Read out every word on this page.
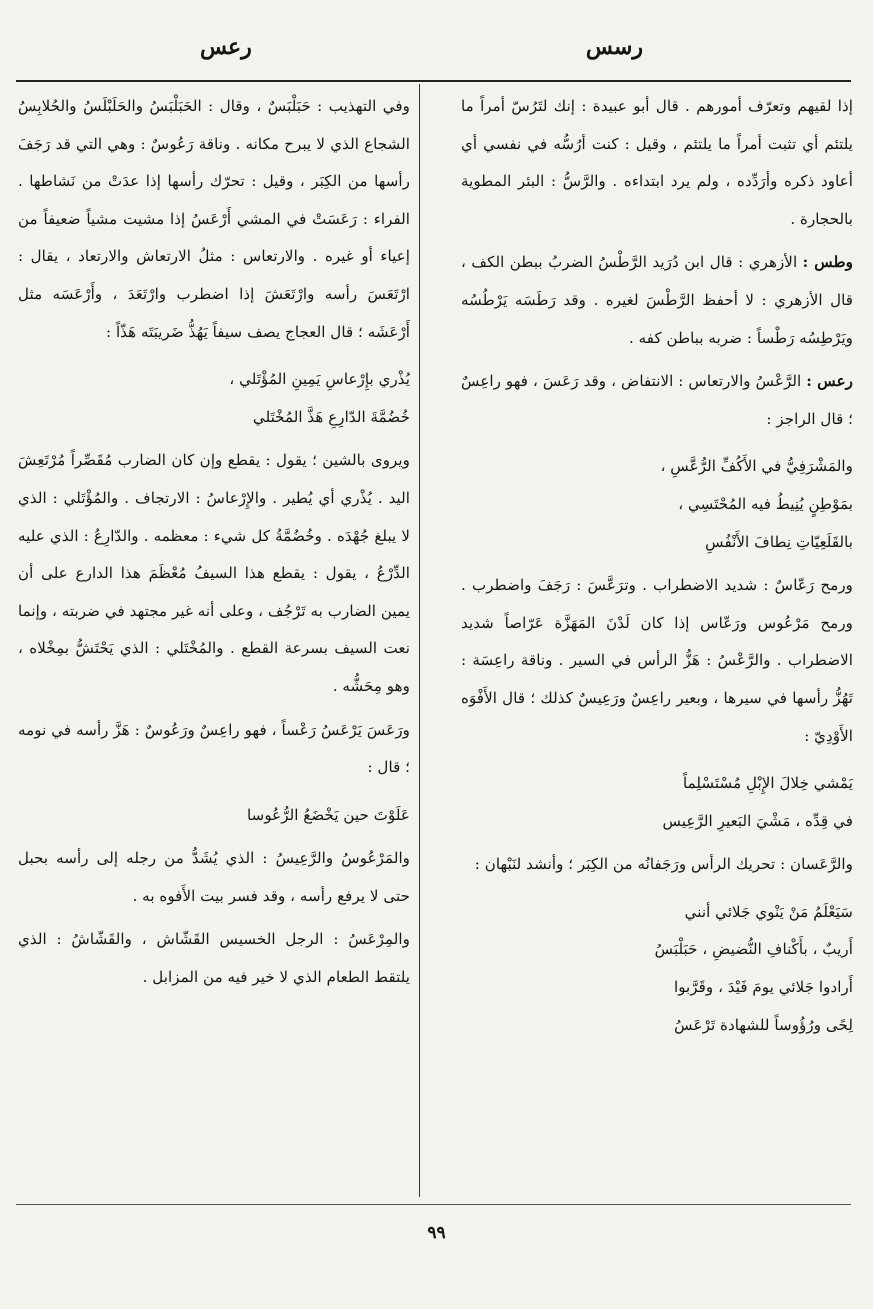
رسس
رعس

إذا لقيهم وتعرّف أمورهم . قال أبو عبيدة : إنك لتَرُسّ أمراً ما يلتئم أي تثبت أمراً ما يلتئم ، وقيل : كنت أرُسُّه في نفسي أي أعاود ذكره وأرَدِّده ، ولم يرد ابتداءه . والرَّسُّ : البئر المطوية بالحجارة .

وطس : الأزهري : قال ابن دُرَيد الرَّطْسُ الضربُ ببطن الكف ، قال الأزهري : لا أحفظ الرَّطْسَ لغيره . وقد رَطَسَه يَرْطُسُه ويَرْطِسُه رَطْساً : ضربه بباطن كفه .

رعس : الرَّعْسُ والارتعاس : الانتفاض ، وقد رَعَسَ ، فهو راعِسٌ ؛ قال الراجز :

والمَشْرَفِيُّ في الأَكُفِّ الرُّعَّسِ ،
بمَوْطِنٍ يُنِيطُ فيه المُحْتَسِي ،
بالقَلَعِيّاتِ نِطافَ الأَنْفُسِ

ورمح رَعّاسٌ : شديد الاضطراب . وترَعَّسَ : رَجَفَ واضطرب . ورمح مَرْعُوس ورَعّاس إذا كان لَدْنَ المَهَزَّة عَرّاصاً شديد الاضطراب . والرَّعْسُ : هَزُّ الرأس في السير . وناقة راعِسَة : تَهُزُّ رأسها في سيرها ، وبعير راعِسٌ ورَعِيسٌ كذلك ؛ قال الأَفْوَه الأَوْدِيّ :

يَمْشي خِلالَ الإِبْلِ مُسْتَسْلِماً
في قِدِّه ، مَشْيَ البَعيرِ الرَّعِيس

والرَّعَسان : تحريك الرأس ورَجَفانُه من الكِبَر ؛ وأنشد لنَبْهان :

سَيَعْلَمُ مَنْ يَنْوي جَلائي أنني
أَريبٌ ، بأَكْنافِ النُّضيضِ ، حَبَلْبَسُ
أَرادوا جَلائي يومَ فَيْدَ ، وقَرَّبوا
لِحًى ورُؤُوساً للشهادة تَرْعَسُ

وفي التهذيب : حَبَلْبَسٌ ، وقال : الحَبَلْبَسُ والحَلَبْلَسُ والحُلابِسُ الشجاع الذي لا يبرح مكانه . وناقة رَعُوسٌ : وهي التي قد رَجَفَ رأسها من الكِبَر ، وقيل : تحرّك رأسها إذا عدَتْ من نَشاطها . الفراء : رَعَسَتْ في المشي أَرْعَسُ إذا مشيت مشياً ضعيفاً من إعياء أو غيره . والارتعاس : مثلُ الارتعاش والارتعاد ، يقال : ارْتَعَسَ رأسه وارْتَعَشَ إذا اضطرب وارْتَعَدَ ، وأَرْعَسَه مثل أَرْعَشَه ؛ قال العجاج يصف سيفاً يَهُذُّ ضَريبَتَه هَذّاً :

يُذْري بإِرْعاسِ يَمِينِ المُؤْتَلي ،
خُضُمَّةَ الدّارِعِ هَذَّ المُخْتَلي

ويروى بالشين ؛ يقول : يقطع وإن كان الضارب مُقَصِّراً مُرْتَعِشَ اليد . يُذْري أي يُطير . والإِرْعاسُ : الارتجاف . والمُؤْتَلي : الذي لا يبلغ جُهْدَه . وخُضُمَّةُ كل شيء : معظمه . والدّارِعُ : الذي عليه الدِّرْعُ ، يقول : يقطع هذا السيفُ مُعْظَمَ هذا الدارع على أن يمين الضارب به تَرْجُف ، وعلى أنه غير مجتهد في ضربته ، وإنما نعت السيف بسرعة القطع . والمُخْتَلي : الذي يَحْتَشُّ بمِخْلاه ، وهو مِحَشُّه .

ورَعَسَ يَرْعَسُ رَعْساً ، فهو راعِسٌ ورَعُوسٌ : هَزَّ رأسه في نومه ؛ قال :

عَلَوْتَ حين يَخْضَعُ الرُّعُوسا

والمَرْعُوسُ والرَّعِيسُ : الذي يُشَدُّ من رجله إلى رأسه بحبل حتى لا يرفع رأسه ، وقد فسر بيت الأَفوه به .

والمِرْعَسُ : الرجل الخسيس القَشّاش ، والقَشّاشُ : الذي يلتقط الطعام الذي لا خير فيه من المزابل .

٩٩
